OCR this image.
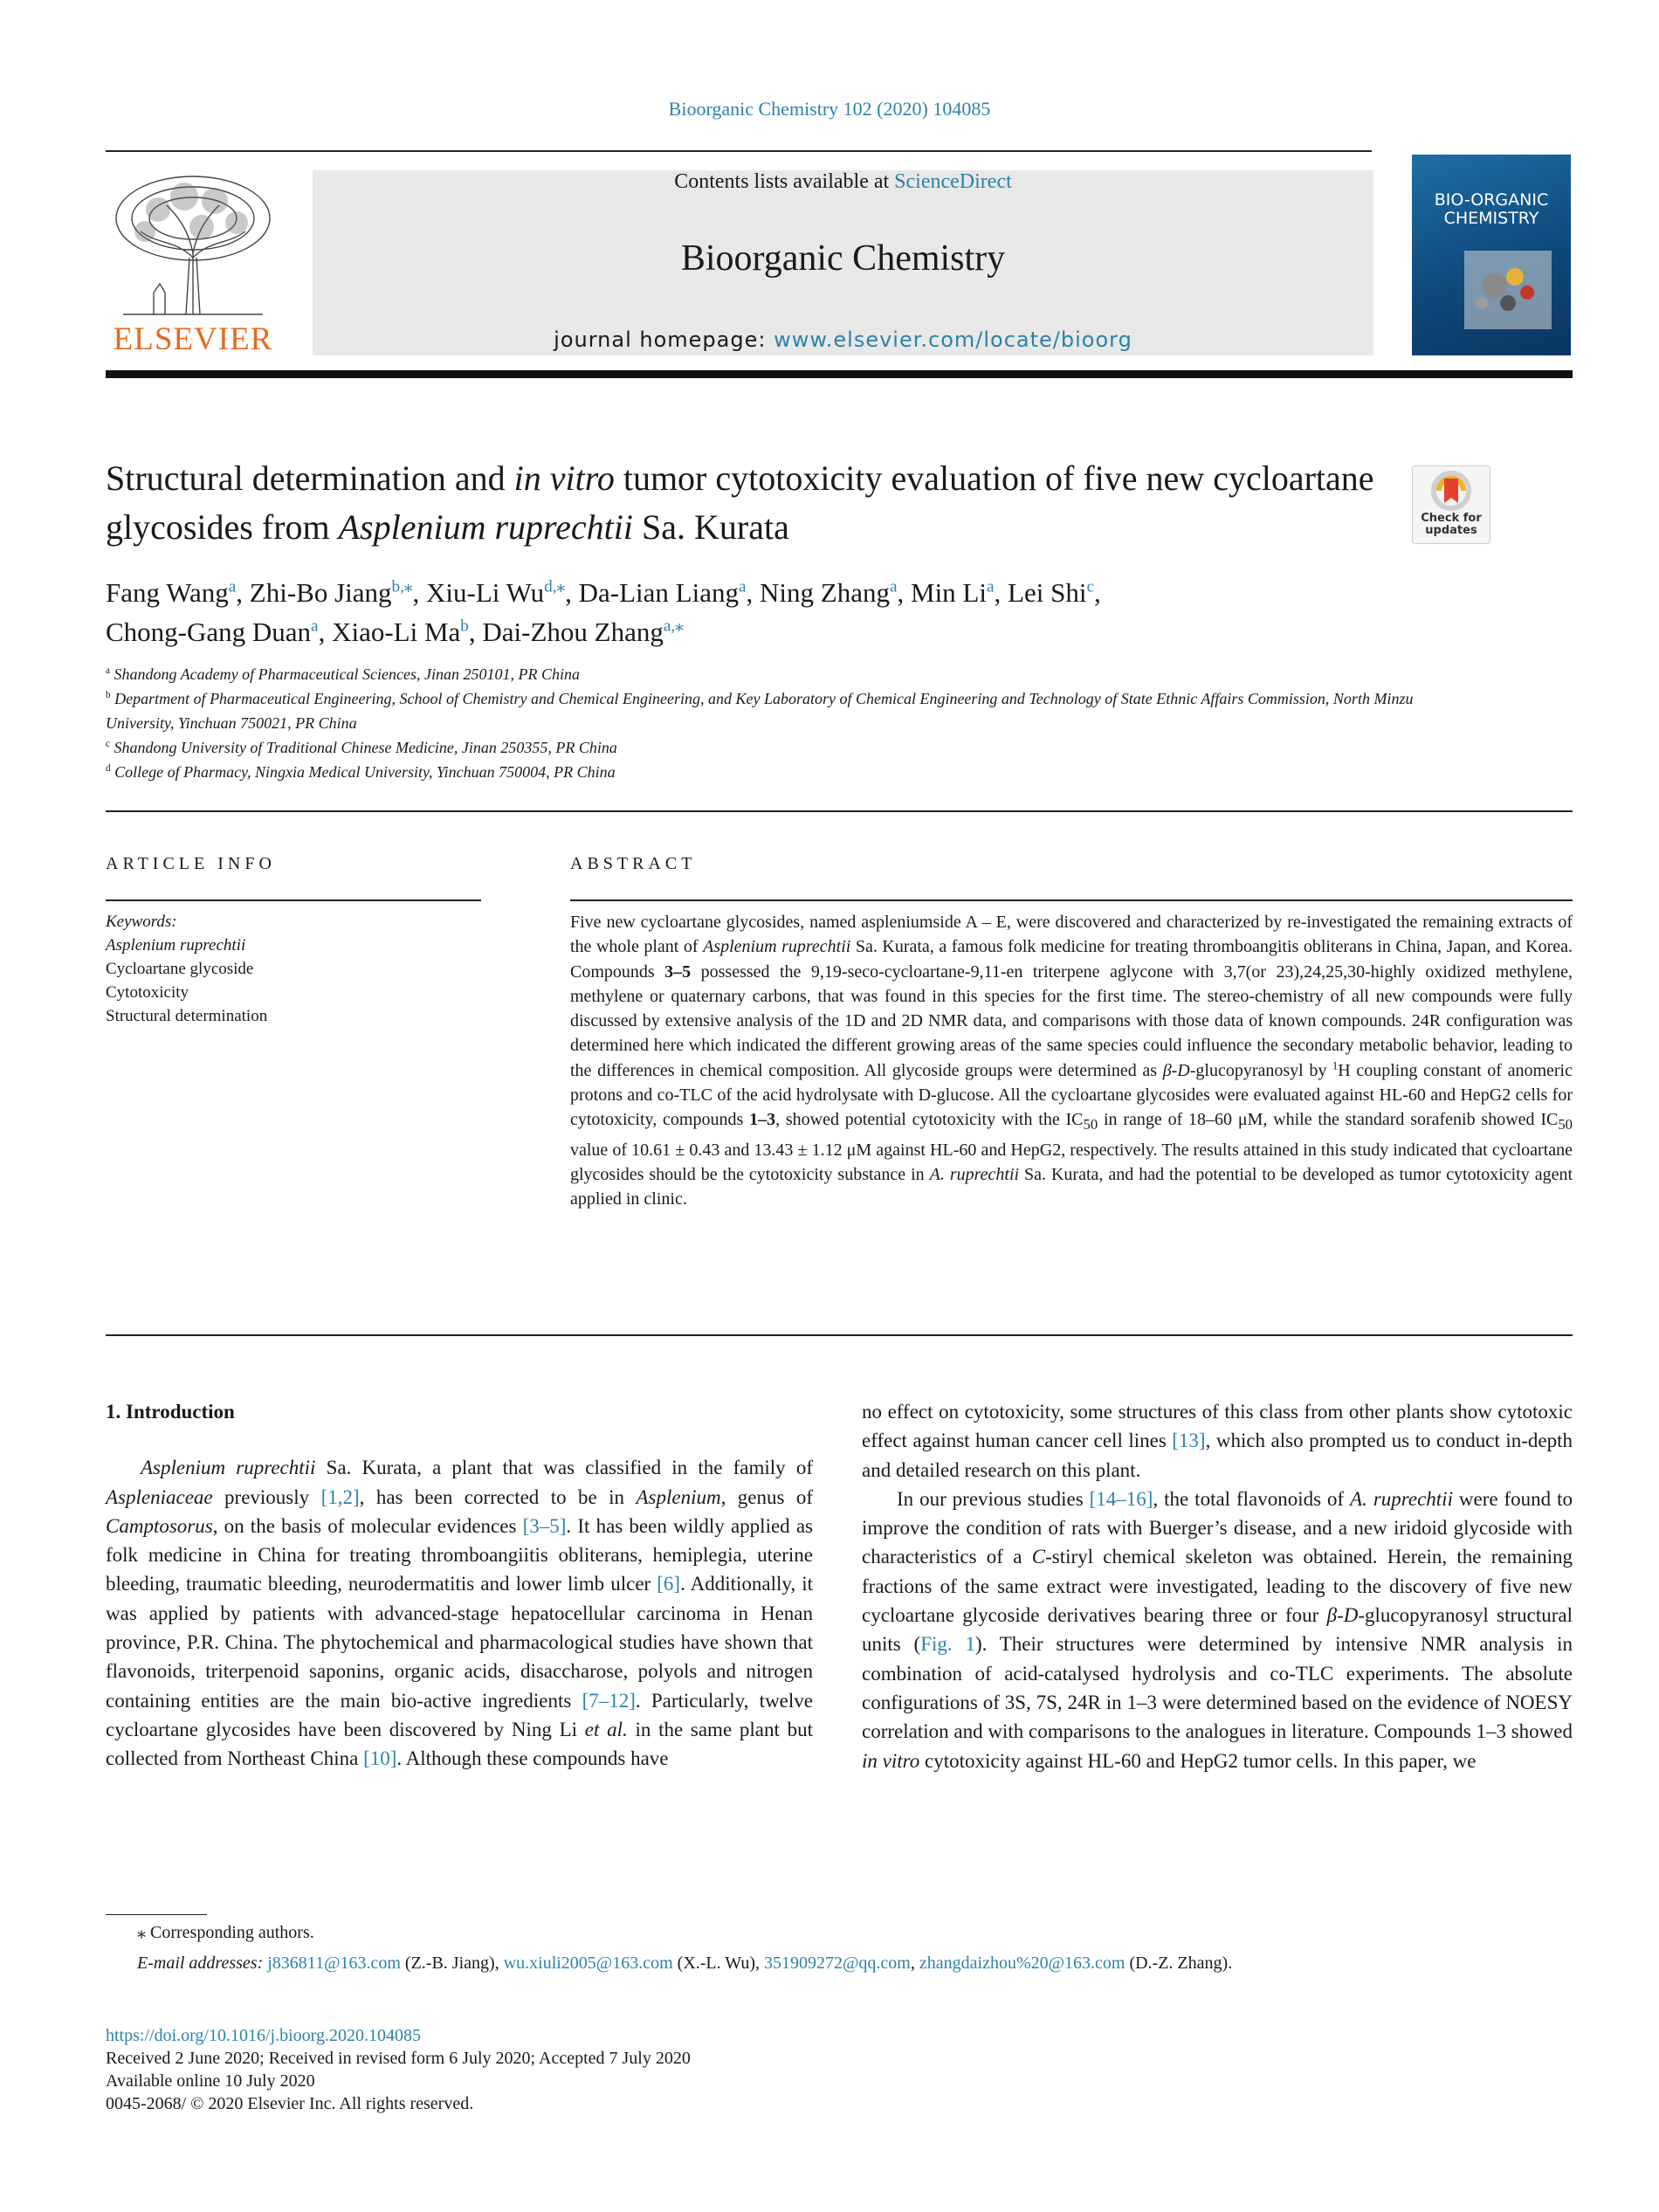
Bioorganic Chemistry 102 (2020) 104085
ELSEVIER
Contents lists available at ScienceDirect
Bioorganic Chemistry
journal homepage: www.elsevier.com/locate/bioorg
BIO-ORGANIC
CHEMISTRY
Structural determination and in vitro tumor cytotoxicity evaluation of five new cycloartane glycosides from Asplenium ruprechtii Sa. Kurata	Check for
updates
Fang Wang$^a$, Zhi-Bo Jiang$^{b,⁎}$, Xiu-Li Wu$^{d,⁎}$, Da-Lian Liang$^a$, Ning Zhang$^a$, Min Li$^a$, Lei Shi$^c$,
Chong-Gang Duan$^a$, Xiao-Li Ma$^b$, Dai-Zhou Zhang$^{a,⁎}$
$^a$ Shandong Academy of Pharmaceutical Sciences, Jinan 250101, PR China
$^b$ Department of Pharmaceutical Engineering, School of Chemistry and Chemical Engineering, and Key Laboratory of Chemical Engineering and Technology of State Ethnic Affairs Commission, North Minzu University, Yinchuan 750021, PR China
$^c$ Shandong University of Traditional Chinese Medicine, Jinan 250355, PR China
$^d$ College of Pharmacy, Ningxia Medical University, Yinchuan 750004, PR China
ARTICLE INFO	ABSTRACT
Keywords:
Asplenium ruprechtii
Cycloartane glycoside
Cytotoxicity
Structural determination
Five new cycloartane glycosides, named aspleniumside A – E, were discovered and characterized by re-investigated the remaining extracts of the whole plant of Asplenium ruprechtii Sa. Kurata, a famous folk medicine for treating thromboangitis obliterans in China, Japan, and Korea. Compounds 3–5 possessed the 9,19-seco-cycloartane-9,11-en triterpene aglycone with 3,7(or 23),24,25,30-highly oxidized methylene, methylene or quaternary carbons, that was found in this species for the first time. The stereo-chemistry of all new compounds were fully discussed by extensive analysis of the 1D and 2D NMR data, and comparisons with those data of known compounds. 24R configuration was determined here which indicated the different growing areas of the same species could influence the secondary metabolic behavior, leading to the differences in chemical composition. All glycoside groups were determined as β-D-glucopyranosyl by $^1$H coupling constant of anomeric protons and co-TLC of the acid hydrolysate with D-glucose. All the cycloartane glycosides were evaluated against HL-60 and HepG2 cells for cytotoxicity, compounds 1–3, showed potential cytotoxicity with the $IC_{50}$ in range of 18–60 μM, while the standard sorafenib showed $IC_{50}$ value of 10.61 ± 0.43 and 13.43 ± 1.12 μM against HL-60 and HepG2, respectively. The results attained in this study indicated that cycloartane glycosides should be the cytotoxicity substance in A. ruprechtii Sa. Kurata, and had the potential to be developed as tumor cytotoxicity agent applied in clinic.
1. Introduction

Asplenium ruprechtii Sa. Kurata, a plant that was classified in the family of Aspleniaceae previously [1,2], has been corrected to be in Asplenium, genus of Camptosorus, on the basis of molecular evidences [3–5]. It has been wildly applied as folk medicine in China for treating thromboangiitis obliterans, hemiplegia, uterine bleeding, traumatic bleeding, neurodermatitis and lower limb ulcer [6]. Additionally, it was applied by patients with advanced-stage hepatocellular carcinoma in Henan province, P.R. China. The phytochemical and pharmacological studies have shown that flavonoids, triterpenoid saponins, organic acids, disaccharose, polyols and nitrogen containing entities are the main bio-active ingredients [7–12]. Particularly, twelve cycloartane glycosides have been discovered by Ning Li et al. in the same plant but collected from Northeast China [10]. Although these compounds have

no effect on cytotoxicity, some structures of this class from other plants show cytotoxic effect against human cancer cell lines [13], which also prompted us to conduct in-depth and detailed research on this plant.

In our previous studies [14–16], the total flavonoids of A. ruprechtii were found to improve the condition of rats with Buerger’s disease, and a new iridoid glycoside with characteristics of a C-stiryl chemical skeleton was obtained. Herein, the remaining fractions of the same extract were investigated, leading to the discovery of five new cycloartane glycoside derivatives bearing three or four β-D-glucopyranosyl structural units (Fig. 1). Their structures were determined by intensive NMR analysis in combination of acid-catalysed hydrolysis and co-TLC experiments. The absolute configurations of 3S, 7S, 24R in 1–3 were determined based on the evidence of NOESY correlation and with comparisons to the analogues in literature. Compounds 1–3 showed in vitro cytotoxicity against HL-60 and HepG2 tumor cells. In this paper, we

⁎ Corresponding authors.
E-mail addresses: j836811@163.com (Z.-B. Jiang), wu.xiuli2005@163.com (X.-L. Wu), 351909272@qq.com, zhangdaizhou%20@163.com (D.-Z. Zhang).
https://doi.org/10.1016/j.bioorg.2020.104085
Received 2 June 2020; Received in revised form 6 July 2020; Accepted 7 July 2020
Available online 10 July 2020
0045-2068/ © 2020 Elsevier Inc. All rights reserved.
